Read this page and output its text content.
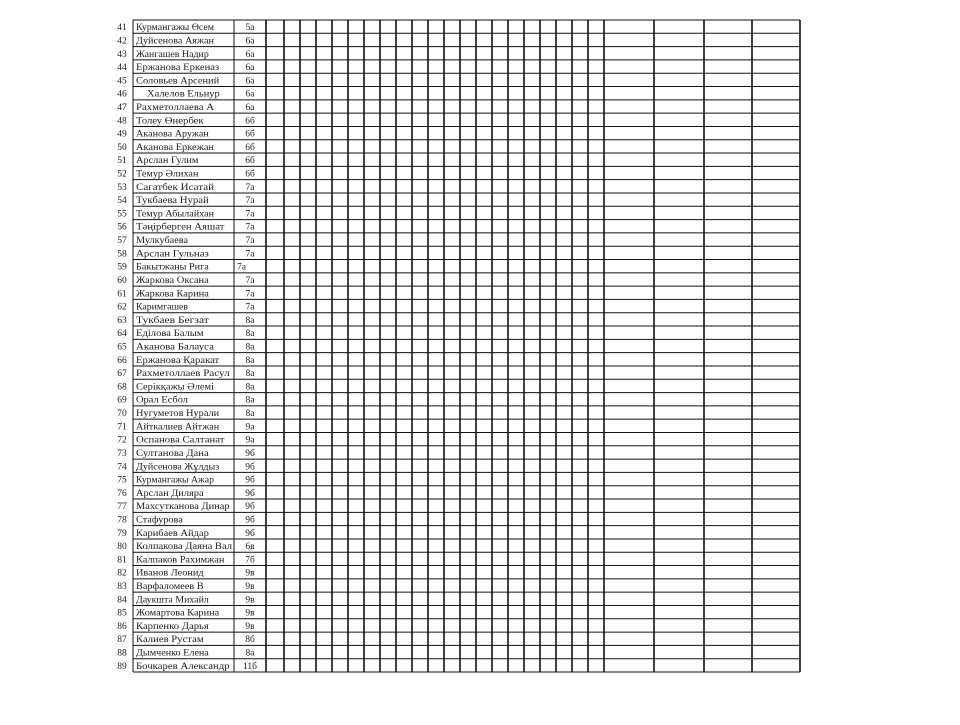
41 Курмангажы Өсем	5а
42 Дуйсенова Аяжан	6а
43 Жангашев Надир	6а
44 Ержанова Еркеназ	6а
45 Соловьев Арсений	6а
46 Халелов Ельнур	6а
47 Рахметоллаева А	6а
48 Толеу Өнербек	6б
49 Аканова Аружан	6б
50 Аканова Еркежан	6б
51 Арслан Гулим	6б
52 Темур Әлихан	6б
53 Сагатбек Исатай	7а
54 Тукбаева Нурай	7а
55 Темур Абылайхан	7а
56 Тәңірберген Аяшат	7а
57 Мулкубаева	7а
58 Арслан Гульназ	7а
59 Бакытжаны Рига	7а
60 Жаркова Оксана	7а
61 Жаркова Карина	7а
62 Каримгашев	7а
63 Тукбаев Бегзат	8а
64 Еділова Балым	8а
65 Аканова Балауса	8а
66 Ержанова Қаракат	8а
67 Рахметоллаев Расул 8а
68 Серікқажы Әлемі	8а
69 Орал Есбол	8а
70 Нугуметов Нурали	8а
71 Айткалиев Айтжан	9а
72 Оспанова Салтанат 9а
73 Султанова Дана	9б
74 Дуйсенова Жұлдыз	9б
75 Курмангажы Ажар	9б
76 Арслан Диляра	9б
77 Махсутканова Динар 9б
78 Стафурова	9б
79 Карибаев Айдар	9б
80 Колпакова Даяна Вал 6в
81 Калпаков Рахимжан 7б
82 Иванов Леонид	9в
83 Варфаломеев В	9в
84 Даукшта Михайл	9в
85 Жомартова Карина	9в
86 Карпенко Дарья	9в
87 Калиев Рустам	8б
88 Дымченко Елена	8а
89 Бочкарев Александр 11б
